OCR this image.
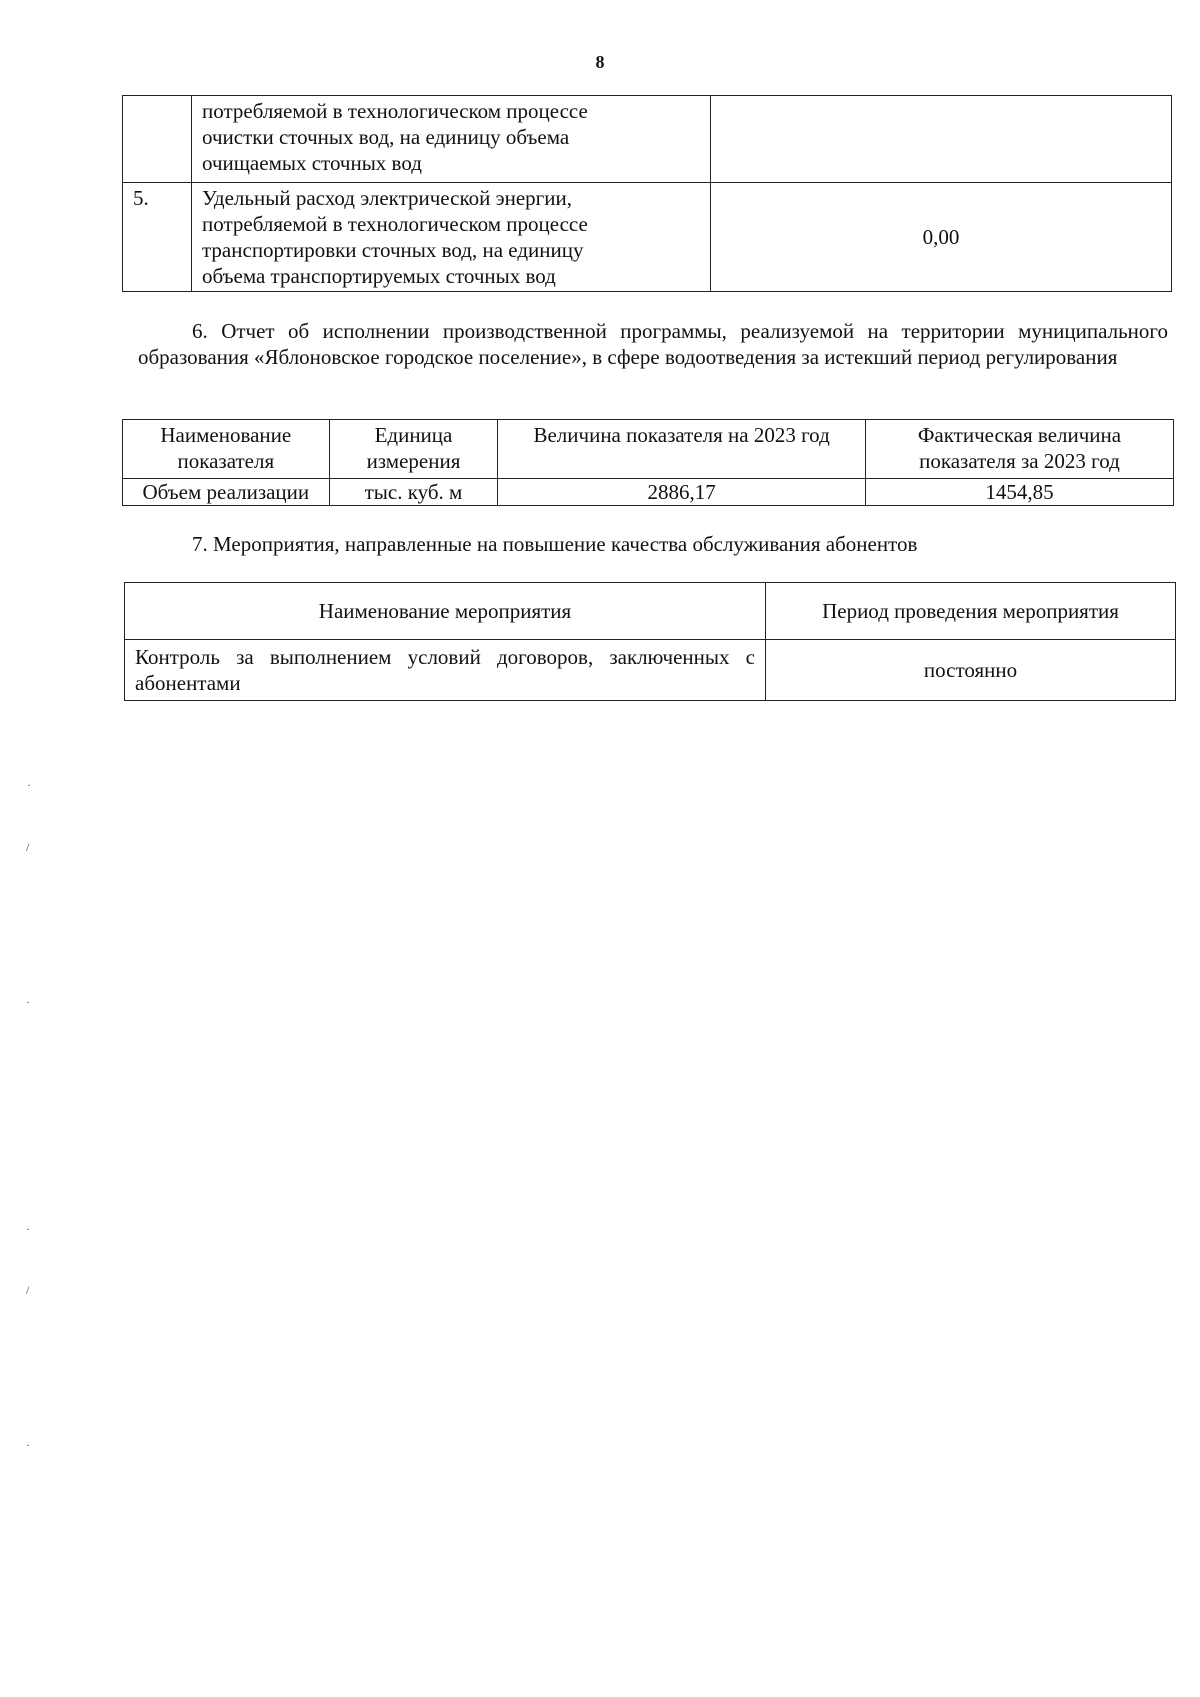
8

	потребляемой в технологическом процессе
очистки сточных вод, на единицу объема
очищаемых сточных вод	

5.	Удельный расход электрической энергии,
потребляемой в технологическом процессе
транспортировки сточных вод, на единицу
объема транспортируемых сточных вод	0,00
6. Отчет об исполнении производственной программы, реализуемой на территории муниципального образования «Яблоновское городское поселение», в сфере водоотведения за истекший период регулирования
Наименование показателя	Единица измерения	Величина показателя на 2023 год	Фактическая величина показателя за 2023 год
Объем реализации	тыс. куб. м	2886,17	1454,85
7. Мероприятия, направленные на повышение качества обслуживания абонентов
Наименование мероприятия	Период проведения мероприятия
Контроль за выполнением условий договоров, заключенных с абонентами	постоянно
·
/
·
·
/
·
